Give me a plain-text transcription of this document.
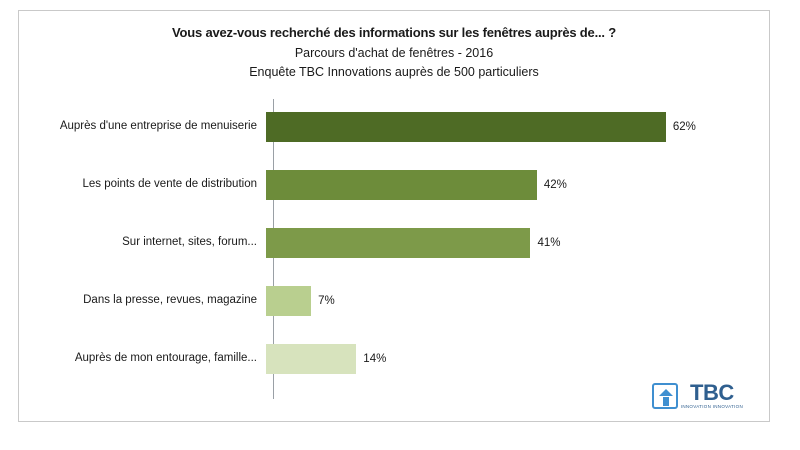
Vous avez-vous recherché des informations sur les fenêtres auprès de... ?
Parcours d'achat de fenêtres - 2016
Enquête TBC Innovations auprès de 500 particuliers
Auprès d'une entreprise de menuiserie	62%
Les points de vente de distribution	42%
Sur internet, sites, forum...	41%
Dans la presse, revues, magazine	7%
Auprès de mon entourage, famille...	14%
TBC
INNOVATION INNOVATION
